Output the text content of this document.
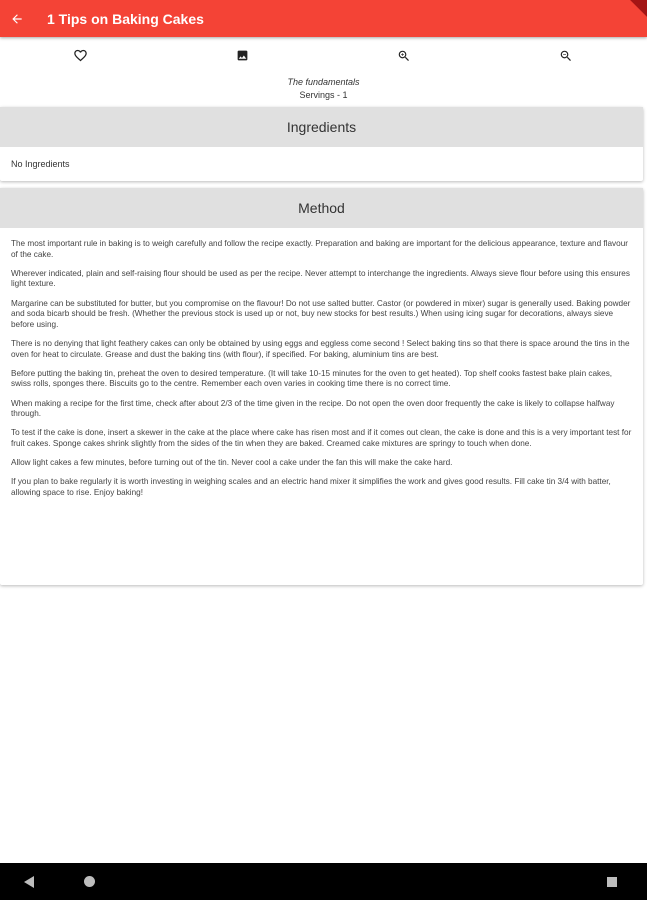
1 Tips on Baking Cakes
The fundamentals
Servings - 1
Ingredients
No Ingredients
Method

The most important rule in baking is to weigh carefully and follow the recipe exactly. Preparation and baking are important for the delicious appearance, texture and flavour of the cake.

Wherever indicated, plain and self-raising flour should be used as per the recipe. Never attempt to interchange the ingredients. Always sieve flour before using this ensures light texture.

Margarine can be substituted for butter, but you compromise on the flavour! Do not use salted butter. Castor (or powdered in mixer) sugar is generally used. Baking powder and soda bicarb should be fresh. (Whether the previous stock is used up or not, buy new stocks for best results.) When using icing sugar for decorations, always sieve before using.

There is no denying that light feathery cakes can only be obtained by using eggs and eggless come second ! Select baking tins so that there is space around the tins in the oven for heat to circulate. Grease and dust the baking tins (with flour), if specified. For baking, aluminium tins are best.

Before putting the baking tin, preheat the oven to desired temperature. (It will take 10-15 minutes for the oven to get heated). Top shelf cooks fastest bake plain cakes, swiss rolls, sponges there. Biscuits go to the centre. Remember each oven varies in cooking time there is no correct time.

When making a recipe for the first time, check after about 2/3 of the time given in the recipe. Do not open the oven door frequently the cake is likely to collapse halfway through.

To test if the cake is done, insert a skewer in the cake at the place where cake has risen most and if it comes out clean, the cake is done and this is a very important test for fruit cakes. Sponge cakes shrink slightly from the sides of the tin when they are baked. Creamed cake mixtures are springy to touch when done.

Allow light cakes a few minutes, before turning out of the tin. Never cool a cake under the fan this will make the cake hard.

If you plan to bake regularly it is worth investing in weighing scales and an electric hand mixer it simplifies the work and gives good results. Fill cake tin 3/4 with batter, allowing space to rise. Enjoy baking!
